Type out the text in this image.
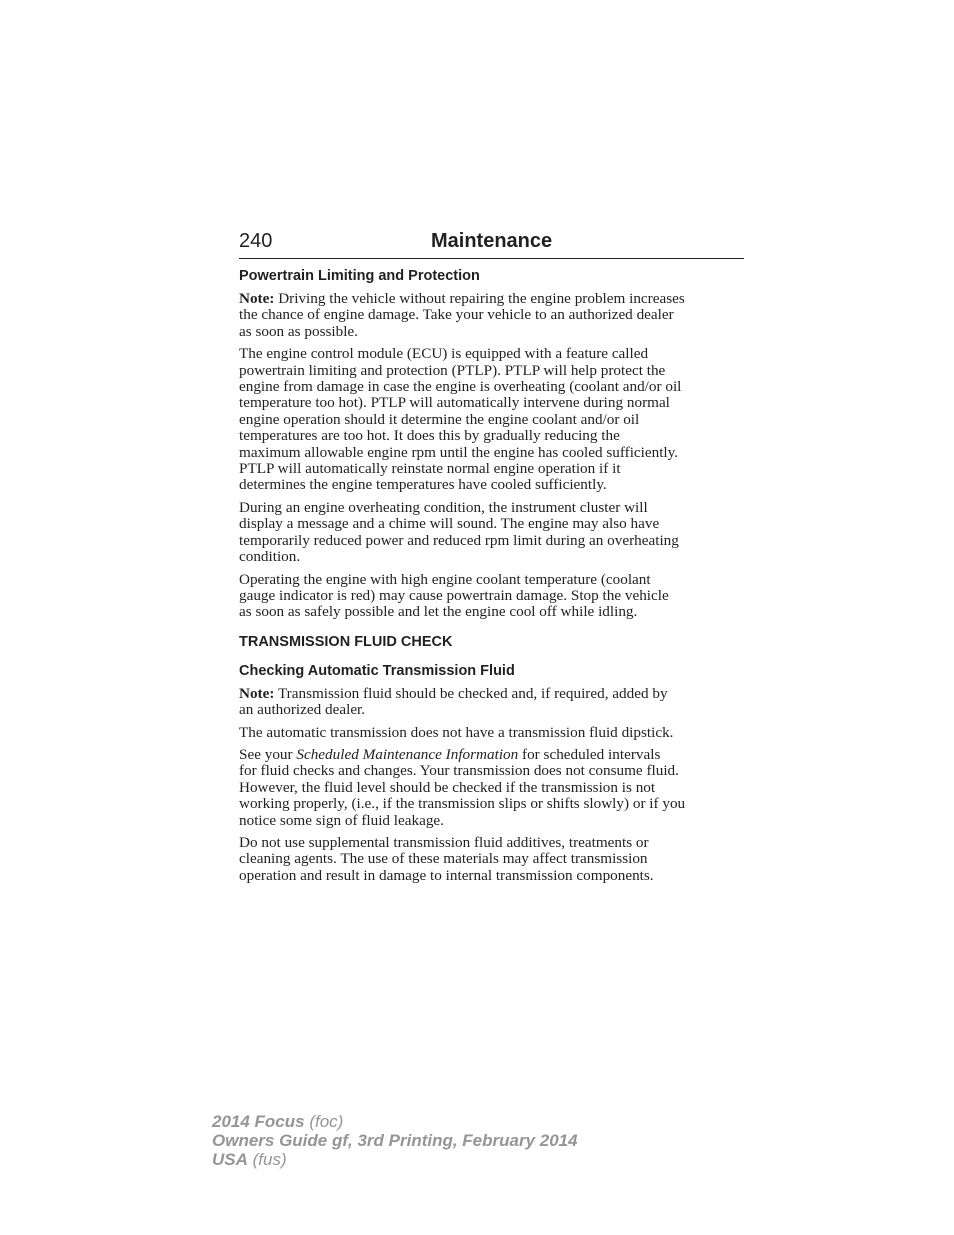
240	Maintenance
Powertrain Limiting and Protection

Note: Driving the vehicle without repairing the engine problem increases
the chance of engine damage. Take your vehicle to an authorized dealer
as soon as possible.

The engine control module (ECU) is equipped with a feature called
powertrain limiting and protection (PTLP). PTLP will help protect the
engine from damage in case the engine is overheating (coolant and/or oil
temperature too hot). PTLP will automatically intervene during normal
engine operation should it determine the engine coolant and/or oil
temperatures are too hot. It does this by gradually reducing the
maximum allowable engine rpm until the engine has cooled sufficiently.
PTLP will automatically reinstate normal engine operation if it
determines the engine temperatures have cooled sufficiently.

During an engine overheating condition, the instrument cluster will
display a message and a chime will sound. The engine may also have
temporarily reduced power and reduced rpm limit during an overheating
condition.

Operating the engine with high engine coolant temperature (coolant
gauge indicator is red) may cause powertrain damage. Stop the vehicle
as soon as safely possible and let the engine cool off while idling.

TRANSMISSION FLUID CHECK
Checking Automatic Transmission Fluid

Note: Transmission fluid should be checked and, if required, added by
an authorized dealer.

The automatic transmission does not have a transmission fluid dipstick.

See your Scheduled Maintenance Information for scheduled intervals
for fluid checks and changes. Your transmission does not consume fluid.
However, the fluid level should be checked if the transmission is not
working properly, (i.e., if the transmission slips or shifts slowly) or if you
notice some sign of fluid leakage.

Do not use supplemental transmission fluid additives, treatments or
cleaning agents. The use of these materials may affect transmission
operation and result in damage to internal transmission components.

2014 Focus (foc)
Owners Guide gf, 3rd Printing, February 2014
USA (fus)
